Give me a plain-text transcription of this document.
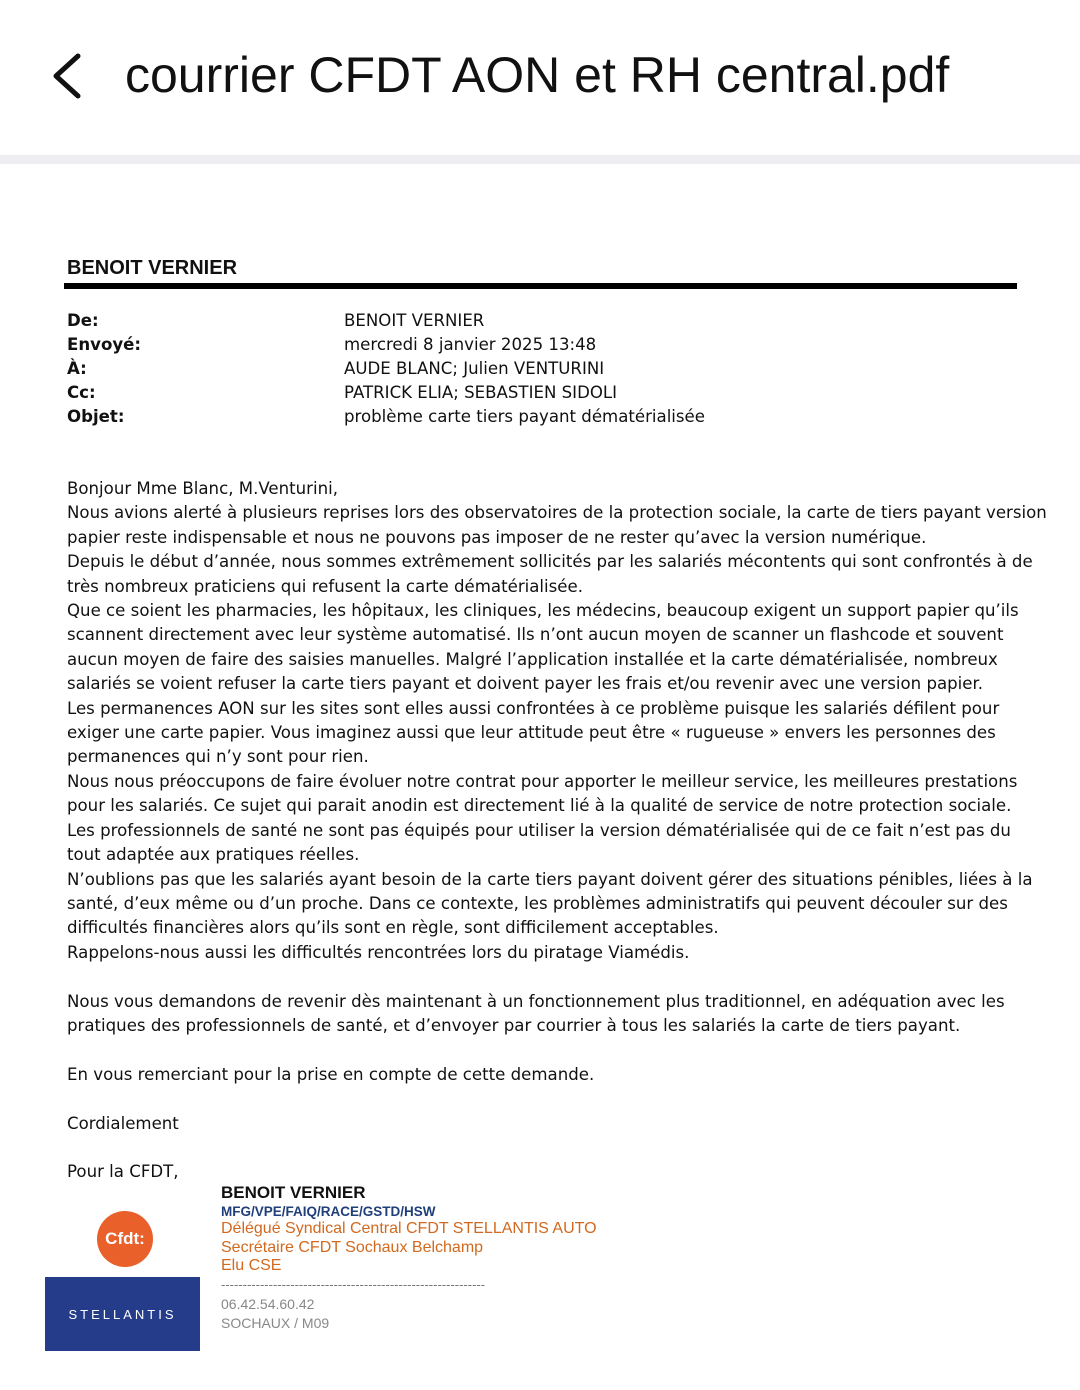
courrier CFDT AON et RH central.pdf
BENOIT VERNIER
De:	BENOIT VERNIER
Envoyé:	mercredi 8 janvier 2025 13:48
À:	AUDE BLANC; Julien VENTURINI
Cc:	PATRICK ELIA; SEBASTIEN SIDOLI
Objet:	problème carte tiers payant dématérialisée

Bonjour Mme Blanc, M.Venturini,

Nous avions alerté à plusieurs reprises lors des observatoires de la protection sociale, la carte de tiers payant version

papier reste indispensable et nous ne pouvons pas imposer de ne rester qu’avec la version numérique.

Depuis le début d’année, nous sommes extrêmement sollicités par les salariés mécontents qui sont confrontés à de

très nombreux praticiens qui refusent la carte dématérialisée.

Que ce soient les pharmacies, les hôpitaux, les cliniques, les médecins, beaucoup exigent un support papier qu’ils

scannent directement avec leur système automatisé. Ils n’ont aucun moyen de scanner un flashcode et souvent

aucun moyen de faire des saisies manuelles. Malgré l’application installée et la carte dématérialisée, nombreux

salariés se voient refuser la carte tiers payant et doivent payer les frais et/ou revenir avec une version papier.

Les permanences AON sur les sites sont elles aussi confrontées à ce problème puisque les salariés défilent pour

exiger une carte papier. Vous imaginez aussi que leur attitude peut être « rugueuse » envers les personnes des

permanences qui n’y sont pour rien.

Nous nous préoccupons de faire évoluer notre contrat pour apporter le meilleur service, les meilleures prestations

pour les salariés. Ce sujet qui parait anodin est directement lié à la qualité de service de notre protection sociale.

Les professionnels de santé ne sont pas équipés pour utiliser la version dématérialisée qui de ce fait n’est pas du

tout adaptée aux pratiques réelles.

N’oublions pas que les salariés ayant besoin de la carte tiers payant doivent gérer des situations pénibles, liées à la

santé, d’eux même ou d’un proche. Dans ce contexte, les problèmes administratifs qui peuvent découler sur des

difficultés financières alors qu’ils sont en règle, sont difficilement acceptables.

Rappelons-nous aussi les difficultés rencontrées lors du piratage Viamédis.

Nous vous demandons de revenir dès maintenant à un fonctionnement plus traditionnel, en adéquation avec les

pratiques des professionnels de santé, et d’envoyer par courrier à tous les salariés la carte de tiers payant.

En vous remerciant pour la prise en compte de cette demande.

Cordialement

Pour la CFDT,

Cfdt:
STELLANTIS
BENOIT VERNIER
MFG/VPE/FAIQ/RACE/GSTD/HSW
Délégué Syndical Central CFDT STELLANTIS AUTO
Secrétaire CFDT Sochaux Belchamp
Elu CSE
-------------------------------------------------------------
06.42.54.60.42
SOCHAUX / M09
